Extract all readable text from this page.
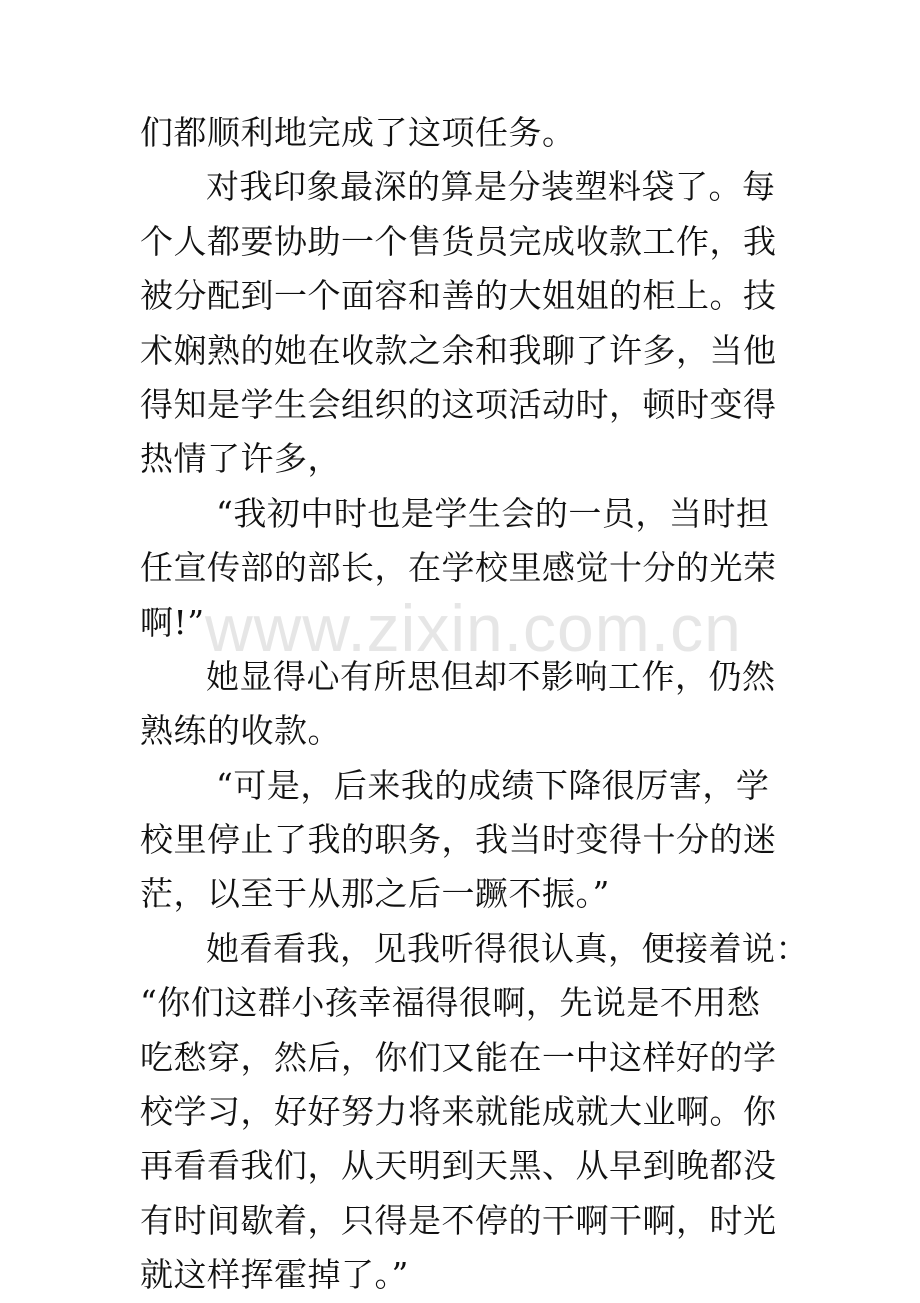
www.zixin.com.cn
们都顺利地完成了这项任务。
对我印象最深的算是分装塑料袋了。每
个人都要协助一个售货员完成收款工作，我
被分配到一个面容和善的大姐姐的柜上。技
术娴熟的她在收款之余和我聊了许多，当他
得知是学生会组织的这项活动时，顿时变得
热情了许多，
“我初中时也是学生会的一员，当时担
任宣传部的部长，在学校里感觉十分的光荣
啊!”
她显得心有所思但却不影响工作，仍然
熟练的收款。
“可是，后来我的成绩下降很厉害，学
校里停止了我的职务，我当时变得十分的迷
茫，以至于从那之后一蹶不振。”
她看看我，见我听得很认真，便接着说：
“你们这群小孩幸福得很啊，先说是不用愁
吃愁穿，然后，你们又能在一中这样好的学
校学习，好好努力将来就能成就大业啊。你
再看看我们，从天明到天黑、从早到晚都没
有时间歇着，只得是不停的干啊干啊，时光
就这样挥霍掉了。”
